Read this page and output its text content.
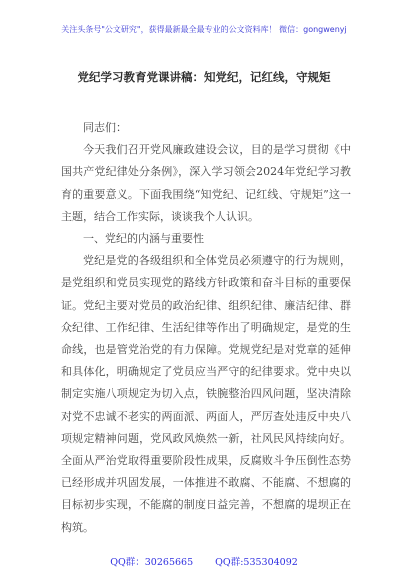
关注头条号"公文研究"，获得最新最全最专业的公文资料库！ 微信：gongwenyj
党纪学习教育党课讲稿：知党纪，记红线，守规矩

同志们：

今天我们召开党风廉政建设会议，目的是学习贯彻《中国共产党纪律处分条例》，深入学习领会2024年党纪学习教育的重要意义。下面我围绕“知党纪、记红线、守规矩”这一主题，结合工作实际，谈谈我个人认识。

一、党纪的内涵与重要性

党纪是党的各级组织和全体党员必须遵守的行为规则，是党组织和党员实现党的路线方针政策和奋斗目标的重要保证。党纪主要对党员的政治纪律、组织纪律、廉洁纪律、群众纪律、工作纪律、生活纪律等作出了明确规定，是党的生命线，也是管党治党的有力保障。党规党纪是对党章的延伸和具体化，明确规定了党员应当严守的纪律要求。党中央以制定实施八项规定为切入点，铁腕整治四风问题，坚决清除对党不忠诚不老实的两面派、两面人，严厉查处违反中央八项规定精神问题，党风政风焕然一新，社风民风持续向好。全面从严治党取得重要阶段性成果，反腐败斗争压倒性态势已经形成并巩固发展，一体推进不敢腐、不能腐、不想腐的目标初步实现，不能腐的制度日益完善，不想腐的堤坝正在构筑。

QQ群：30265665 QQ群:535304092
